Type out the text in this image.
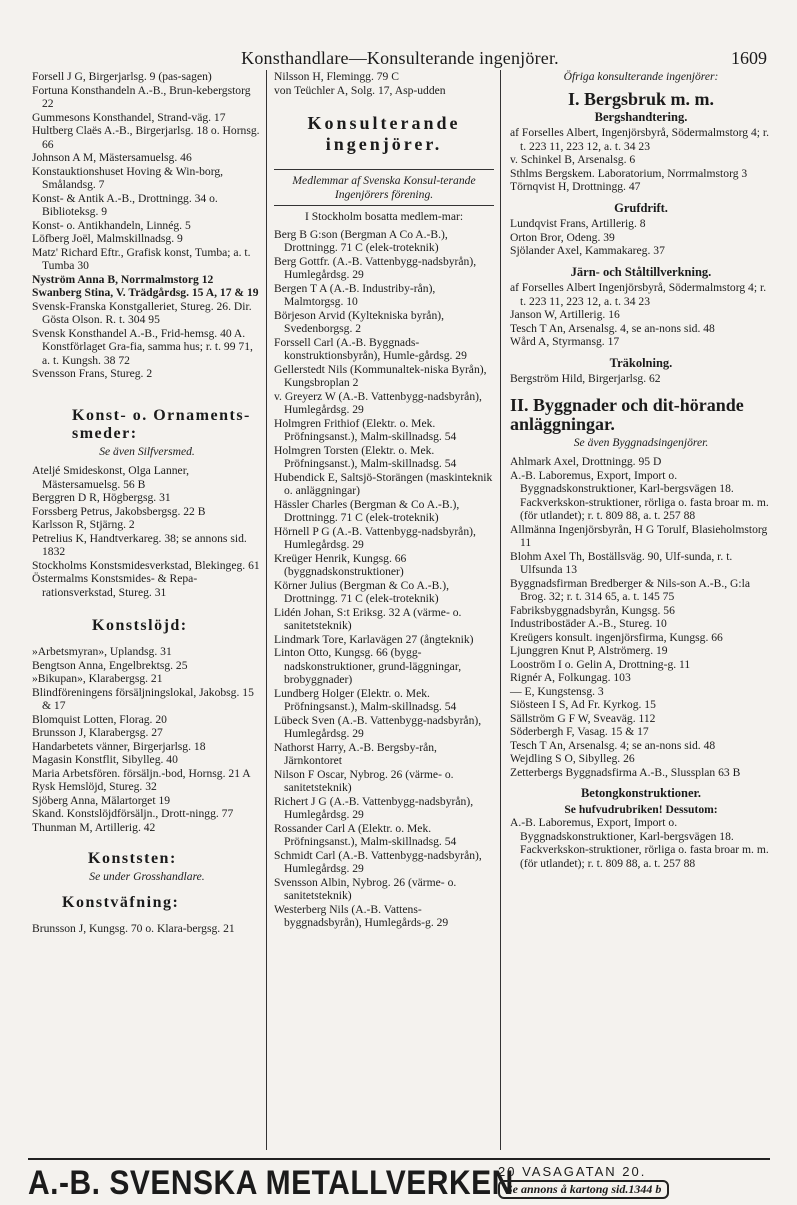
Konsthandlare—Konsulterande ingenjörer.	1609

Forsell J G, Birgerjarlsg. 9 (pas-sagen)

Fortuna Konsthandeln A.-B., Brun-kebergstorg 22

Gummesons Konsthandel, Strand-väg. 17

Hultberg Claës A.-B., Birgerjarlsg. 18 o. Hornsg. 66

Johnson A M, Mästersamuelsg. 46

Konstauktionshuset Hoving & Win-borg, Smålandsg. 7

Konst- & Antik A.-B., Drottningg. 34 o. Biblioteksg. 9

Konst- o. Antikhandeln, Linnég. 5

Löfberg Joël, Malmskillnadsg. 9

Matz' Richard Eftr., Grafisk konst, Tumba; a. t. Tumba 30

Nyström Anna B, Norrmalmstorg 12

Swanberg Stina, V. Trädgårdsg. 15 A, 17 & 19

Svensk-Franska Konstgalleriet, Stureg. 26. Dir. Gösta Olson. R. t. 304 95

Svensk Konsthandel A.-B., Frid-hemsg. 40 A. Konstförlaget Gra-fia, samma hus; r. t. 99 71, a. t. Kungsh. 38 72

Svensson Frans, Stureg. 2

Konst- o. Ornaments-smeder:
Se även Silfversmed.

Ateljé Smideskonst, Olga Lanner, Mästersamuelsg. 56 B

Berggren D R, Högbergsg. 31

Forssberg Petrus, Jakobsbergsg. 22 B

Karlsson R, Stjärng. 2

Petrelius K, Handtverkareg. 38; se annons sid. 1832

Stockholms Konstsmidesverkstad, Blekingeg. 61

Östermalms Konstsmides- & Repa-rationsverkstad, Stureg. 31

Konstslöjd:

»Arbetsmyran», Uplandsg. 31

Bengtson Anna, Engelbrektsg. 25

»Bikupan», Klarabergsg. 21

Blindföreningens försäljningslokal, Jakobsg. 15 & 17

Blomquist Lotten, Florag. 20

Brunsson J, Klarabergsg. 27

Handarbetets vänner, Birgerjarlsg. 18

Magasin Konstflit, Sibylleg. 40

Maria Arbetsfören. försäljn.-bod, Hornsg. 21 A

Rysk Hemslöjd, Stureg. 32

Sjöberg Anna, Mälartorget 19

Skand. Konstslöjdförsäljn., Drott-ningg. 77

Thunman M, Artillerig. 42

Konststen:
Se under Grosshandlare.
Konstväfning:

Brunsson J, Kungsg. 70 o. Klara-bergsg. 21

Nilsson H, Flemingg. 79 C

von Teüchler A, Solg. 17, Asp-udden

Konsulterande ingenjörer.
Medlemmar af Svenska Konsul-terande Ingenjörers förening.

I Stockholm bosatta medlem-mar:

Berg B G:son (Bergman A Co A.-B.), Drottningg. 71 C (elek-troteknik)

Berg Gottfr. (A.-B. Vattenbygg-nadsbyrån), Humlegårdsg. 29

Bergen T A (A.-B. Industriby-rån), Malmtorgsg. 10

Börjeson Arvid (Kyltekniska byrån), Svedenborgsg. 2

Forssell Carl (A.-B. Byggnads-konstruktionsbyrån), Humle-gårdsg. 29

Gellerstedt Nils (Kommunaltek-niska Byrån), Kungsbroplan 2

v. Greyerz W (A.-B. Vattenbygg-nadsbyrån), Humlegårdsg. 29

Holmgren Frithiof (Elektr. o. Mek. Pröfningsanst.), Malm-skillnadsg. 54

Holmgren Torsten (Elektr. o. Mek. Pröfningsanst.), Malm-skillnadsg. 54

Hubendick E, Saltsjö-Storängen (maskinteknik o. anläggningar)

Hässler Charles (Bergman & Co A.-B.), Drottningg. 71 C (elek-troteknik)

Hörnell P G (A.-B. Vattenbygg-nadsbyrån), Humlegårdsg. 29

Kreüger Henrik, Kungsg. 66 (byggnadskonstruktioner)

Körner Julius (Bergman & Co A.-B.), Drottningg. 71 C (elek-troteknik)

Lidén Johan, S:t Eriksg. 32 A (värme- o. sanitetsteknik)

Lindmark Tore, Karlavägen 27 (ångteknik)

Linton Otto, Kungsg. 66 (bygg-nadskonstruktioner, grund-läggningar, brobyggnader)

Lundberg Holger (Elektr. o. Mek. Pröfningsanst.), Malm-skillnadsg. 54

Lübeck Sven (A.-B. Vattenbygg-nadsbyrån), Humlegårdsg. 29

Nathorst Harry, A.-B. Bergsby-rån, Järnkontoret

Nilson F Oscar, Nybrog. 26 (värme- o. sanitetsteknik)

Richert J G (A.-B. Vattenbygg-nadsbyrån), Humlegårdsg. 29

Rossander Carl A (Elektr. o. Mek. Pröfningsanst.), Malm-skillnadsg. 54

Schmidt Carl (A.-B. Vattenbygg-nadsbyrån), Humlegårdsg. 29

Svensson Albin, Nybrog. 26 (värme- o. sanitetsteknik)

Westerberg Nils (A.-B. Vattens-byggnadsbyrån), Humlegårds-g. 29

Öfriga konsulterande ingenjörer:

I. Bergsbruk m. m.
Bergshandtering.

af Forselles Albert, Ingenjörsbyrå, Södermalmstorg 4; r. t. 223 11, 223 12, a. t. 34 23

v. Schinkel B, Arsenalsg. 6

Sthlms Bergskem. Laboratorium, Norrmalmstorg 3

Törnqvist H, Drottningg. 47

Grufdrift.

Lundqvist Frans, Artillerig. 8

Orton Bror, Odeng. 39

Sjölander Axel, Kammakareg. 37

Järn- och Ståltillverkning.

af Forselles Albert Ingenjörsbyrå, Södermalmstorg 4; r. t. 223 11, 223 12, a. t. 34 23

Janson W, Artillerig. 16

Tesch T An, Arsenalsg. 4, se an-nons sid. 48

Wård A, Styrmansg. 17

Träkolning.

Bergström Hild, Birgerjarlsg. 62

II. Byggnader och dit-hörande anläggningar.
Se även Byggnadsingenjörer.

Ahlmark Axel, Drottningg. 95 D

A.-B. Laboremus, Export, Import o. Byggnadskonstruktioner, Karl-bergsvägen 18. Fackverkskon-struktioner, rörliga o. fasta broar m. m. (för utlandet); r. t. 809 88, a. t. 257 88

Allmänna Ingenjörsbyrån, H G Torulf, Blasieholmstorg 11

Blohm Axel Th, Boställsväg. 90, Ulf-sunda, r. t. Ulfsunda 13

Byggnadsfirman Bredberger & Nils-son A.-B., G:la Brog. 32; r. t. 314 65, a. t. 145 75

Fabriksbyggnadsbyrån, Kungsg. 56

Industribostäder A.-B., Stureg. 10

Kreügers konsult. ingenjörsfirma, Kungsg. 66

Ljunggren Knut P, Alströmerg. 19

Looström I o. Gelin A, Drottning-g. 11

Rignér A, Folkungag. 103

— E, Kungstensg. 3

Siösteen I S, Ad Fr. Kyrkog. 15

Sällström G F W, Sveaväg. 112

Söderbergh F, Vasag. 15 & 17

Tesch T An, Arsenalsg. 4; se an-nons sid. 48

Wejdling S O, Sibylleg. 26

Zetterbergs Byggnadsfirma A.-B., Slussplan 63 B

Betongkonstruktioner.

Se hufvudrubriken! Dessutom:

A.-B. Laboremus, Export, Import o. Byggnadskonstruktioner, Karl-bergsvägen 18. Fackverkskon-struktioner, rörliga o. fasta broar m. m. (för utlandet); r. t. 809 88, a. t. 257 88

A.-B. SVENSKA METALLVERKEN
20 VASAGATAN 20.
Se annons å kartong sid.1344 b
